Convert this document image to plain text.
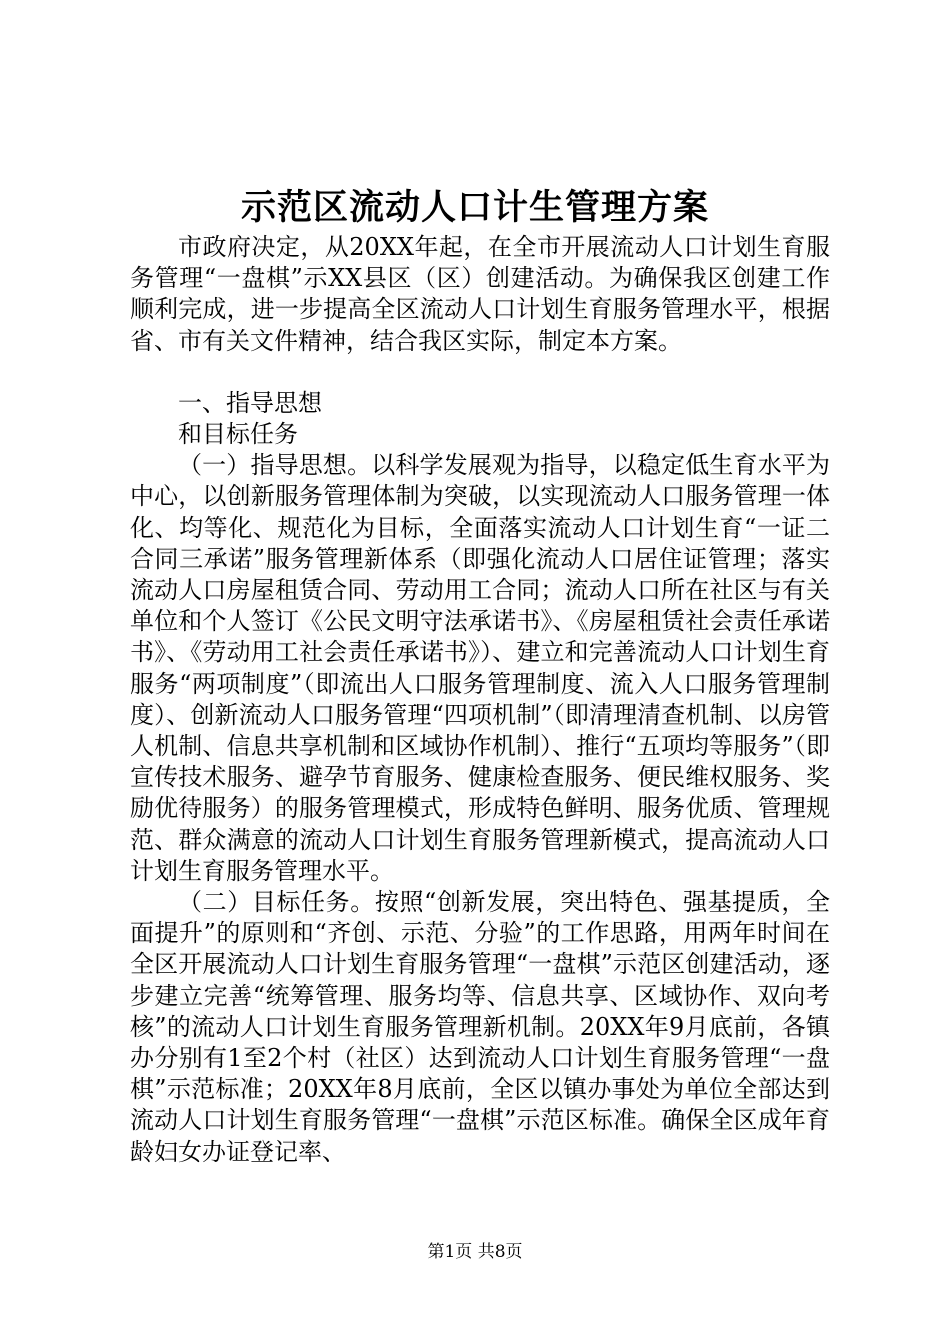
示范区流动人口计生管理方案

市政府决定，从20XX年起，在全市开展流动人口计划生育服务管理“一盘棋”示XX县区（区）创建活动。为确保我区创建工作顺利完成，进一步提高全区流动人口计划生育服务管理水平，根据省、市有关文件精神，结合我区实际，制定本方案。

一、指导思想

和目标任务

（一）指导思想。以科学发展观为指导，以稳定低生育水平为中心，以创新服务管理体制为突破，以实现流动人口服务管理一体化、均等化、规范化为目标，全面落实流动人口计划生育“一证二合同三承诺”服务管理新体系（即强化流动人口居住证管理；落实流动人口房屋租赁合同、劳动用工合同；流动人口所在社区与有关单位和个人签订《公民文明守法承诺书》、《房屋租赁社会责任承诺书》、《劳动用工社会责任承诺书》）、建立和完善流动人口计划生育服务“两项制度”（即流出人口服务管理制度、流入人口服务管理制度）、创新流动人口服务管理“四项机制”（即清理清查机制、以房管人机制、信息共享机制和区域协作机制）、推行“五项均等服务”（即宣传技术服务、避孕节育服务、健康检查服务、便民维权服务、奖励优待服务）的服务管理模式，形成特色鲜明、服务优质、管理规范、群众满意的流动人口计划生育服务管理新模式，提高流动人口计划生育服务管理水平。

（二）目标任务。按照“创新发展，突出特色、强基提质，全面提升”的原则和“齐创、示范、分验”的工作思路，用两年时间在全区开展流动人口计划生育服务管理“一盘棋”示范区创建活动，逐步建立完善“统筹管理、服务均等、信息共享、区域协作、双向考核”的流动人口计划生育服务管理新机制。20XX年9月底前，各镇办分别有1至2个村（社区）达到流动人口计划生育服务管理“一盘棋”示范标准；20XX年8月底前，全区以镇办事处为单位全部达到流动人口计划生育服务管理“一盘棋”示范区标准。确保全区成年育龄妇女办证登记率、

第1页 共8页
